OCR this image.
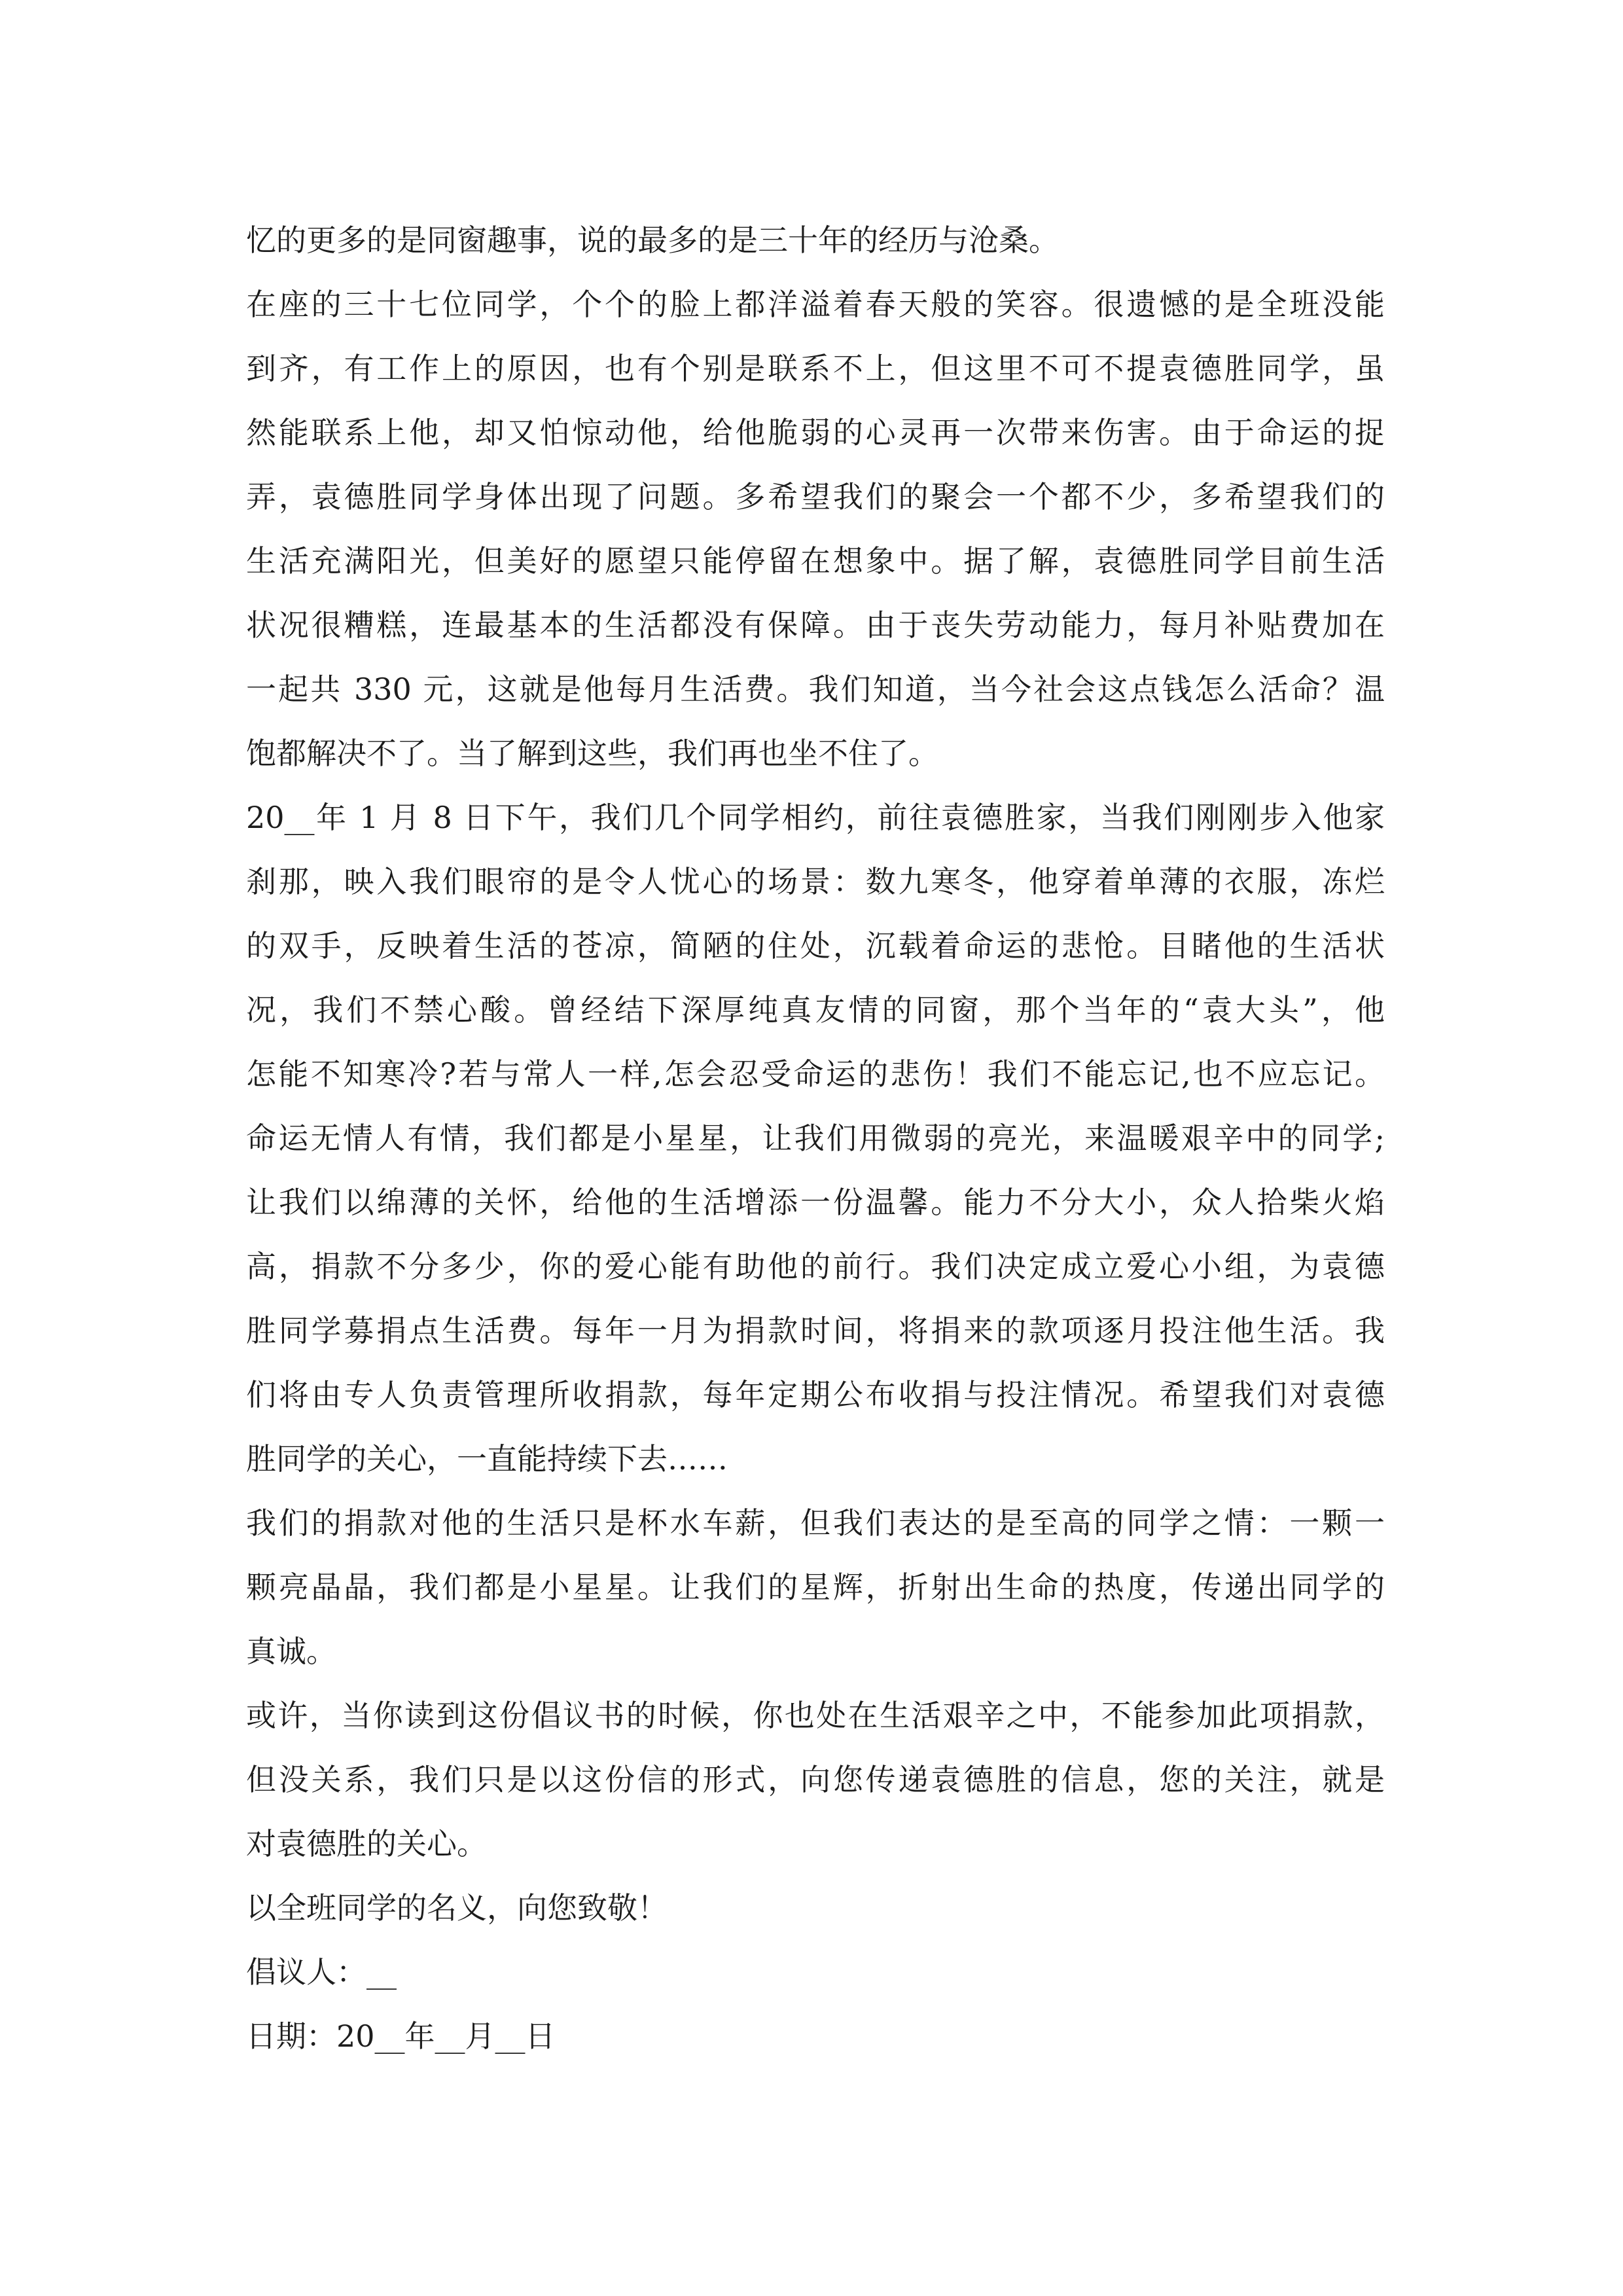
忆的更多的是同窗趣事，说的最多的是三十年的经历与沧桑。
在座的三十七位同学，个个的脸上都洋溢着春天般的笑容。很遗憾的是全班没能
到齐，有工作上的原因，也有个别是联系不上，但这里不可不提袁德胜同学，虽
然能联系上他，却又怕惊动他，给他脆弱的心灵再一次带来伤害。由于命运的捉
弄，袁德胜同学身体出现了问题。多希望我们的聚会一个都不少，多希望我们的
生活充满阳光，但美好的愿望只能停留在想象中。据了解，袁德胜同学目前生活
状况很糟糕，连最基本的生活都没有保障。由于丧失劳动能力，每月补贴费加在
一起共 330 元，这就是他每月生活费。我们知道，当今社会这点钱怎么活命？温
饱都解决不了。当了解到这些，我们再也坐不住了。
20__年 1 月 8 日下午，我们几个同学相约，前往袁德胜家，当我们刚刚步入他家
刹那，映入我们眼帘的是令人忧心的场景：数九寒冬，他穿着单薄的衣服，冻烂
的双手，反映着生活的苍凉，简陋的住处，沉载着命运的悲怆。目睹他的生活状
况，我们不禁心酸。曾经结下深厚纯真友情的同窗，那个当年的“袁大头”，他
怎能不知寒冷?若与常人一样,怎会忍受命运的悲伤！我们不能忘记,也不应忘记。
命运无情人有情，我们都是小星星，让我们用微弱的亮光，来温暖艰辛中的同学;
让我们以绵薄的关怀，给他的生活增添一份温馨。能力不分大小，众人拾柴火焰
高，捐款不分多少，你的爱心能有助他的前行。我们决定成立爱心小组，为袁德
胜同学募捐点生活费。每年一月为捐款时间，将捐来的款项逐月投注他生活。我
们将由专人负责管理所收捐款，每年定期公布收捐与投注情况。希望我们对袁德
胜同学的关心，一直能持续下去……
我们的捐款对他的生活只是杯水车薪，但我们表达的是至高的同学之情：一颗一
颗亮晶晶，我们都是小星星。让我们的星辉，折射出生命的热度，传递出同学的
真诚。
或许，当你读到这份倡议书的时候，你也处在生活艰辛之中，不能参加此项捐款，
但没关系，我们只是以这份信的形式，向您传递袁德胜的信息，您的关注，就是
对袁德胜的关心。
以全班同学的名义，向您致敬！
倡议人：__
日期：20__年__月__日
